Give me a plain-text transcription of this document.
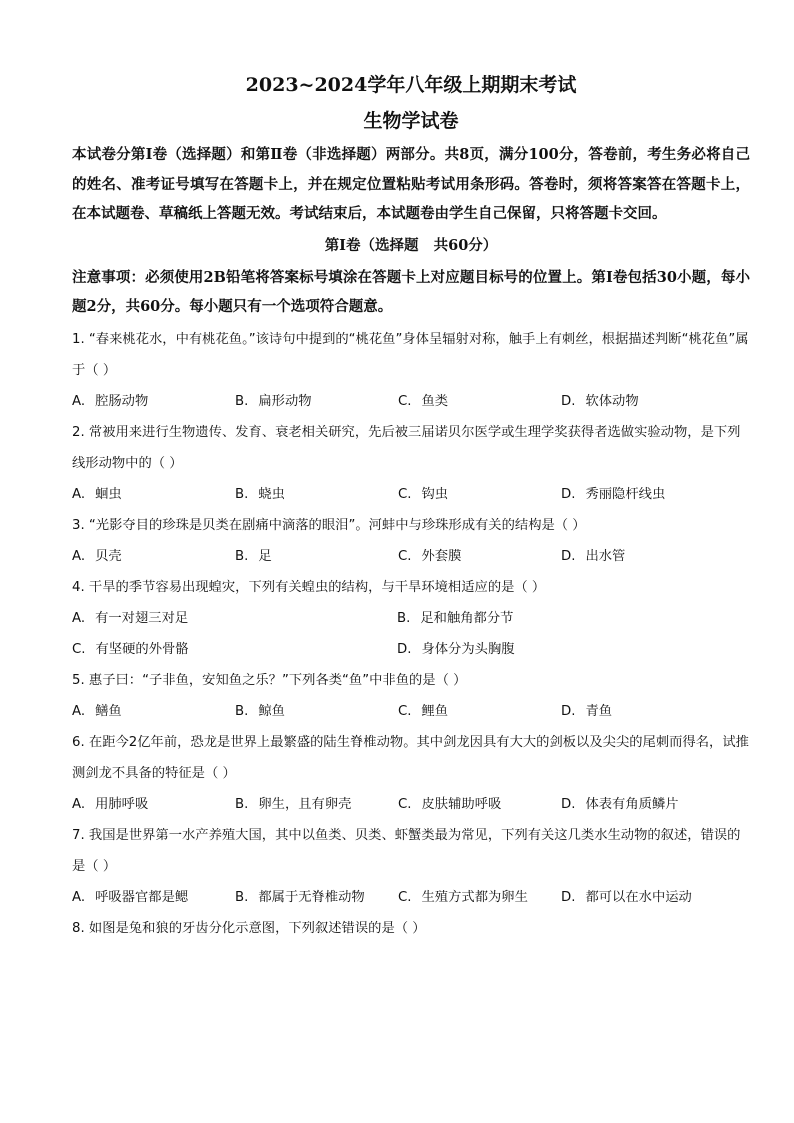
2023~2024学年八年级上期期末考试
生物学试卷

本试卷分第Ⅰ卷（选择题）和第Ⅱ卷（非选择题）两部分。共8页，满分100分，答卷前，考生务必将自己的姓名、准考证号填写在答题卡上，并在规定位置粘贴考试用条形码。答卷时，须将答案答在答题卡上，在本试题卷、草稿纸上答题无效。考试结束后，本试题卷由学生自己保留，只将答题卡交回。

第Ⅰ卷（选择题   共60分）

注意事项：必须使用2B铅笔将答案标号填涂在答题卡上对应题目标号的位置上。第Ⅰ卷包括30小题，每小题2分，共60分。每小题只有一个选项符合题意。

1. “春来桃花水，中有桃花鱼。”该诗句中提到的“桃花鱼”身体呈辐射对称，触手上有刺丝，根据描述判断“桃花鱼”属于（ ）

A. 腔肠动物	B. 扁形动物	C. 鱼类	D. 软体动物

2. 常被用来进行生物遗传、发育、衰老相关研究，先后被三届诺贝尔医学或生理学奖获得者选做实验动物，是下列线形动物中的（ ）

A. 蛔虫	B. 蛲虫	C. 钩虫	D. 秀丽隐杆线虫

3. “光影夺目的珍珠是贝类在剧痛中滴落的眼泪”。河蚌中与珍珠形成有关的结构是（ ）

A. 贝壳	B. 足	C. 外套膜	D. 出水管

4. 干旱的季节容易出现蝗灾，下列有关蝗虫的结构，与干旱环境相适应的是（ ）

A. 有一对翅三对足	B. 足和触角都分节
C. 有坚硬的外骨骼	D. 身体分为头胸腹

5. 惠子曰：“子非鱼，安知鱼之乐？”下列各类“鱼”中非鱼的是（ ）

A. 鳝鱼	B. 鲸鱼	C. 鲤鱼	D. 青鱼

6. 在距今2亿年前，恐龙是世界上最繁盛的陆生脊椎动物。其中剑龙因具有大大的剑板以及尖尖的尾刺而得名，试推测剑龙不具备的特征是（ ）

A. 用肺呼吸	B. 卵生，且有卵壳	C. 皮肤辅助呼吸	D. 体表有角质鳞片

7. 我国是世界第一水产养殖大国，其中以鱼类、贝类、虾蟹类最为常见，下列有关这几类水生动物的叙述，错误的是（ ）

A. 呼吸器官都是鳃	B. 都属于无脊椎动物	C. 生殖方式都为卵生	D. 都可以在水中运动

8. 如图是兔和狼的牙齿分化示意图，下列叙述错误的是（ ）
